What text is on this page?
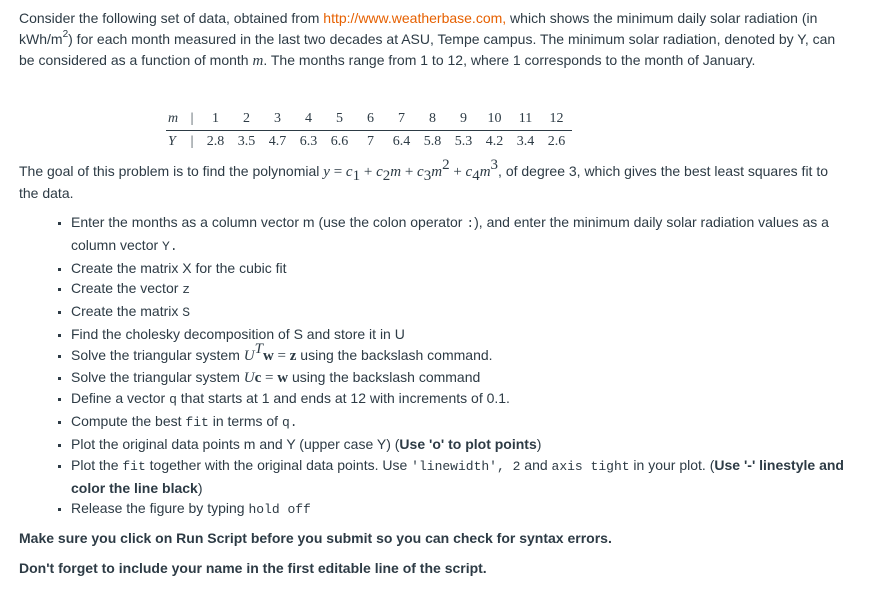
Consider the following set of data, obtained from http://www.weatherbase.com, which shows the minimum daily solar radiation (in kWh/$m^2$) for each month measured in the last two decades at ASU, Tempe campus. The minimum solar radiation, denoted by Y, can be considered as a function of month m. The months range from 1 to 12, where 1 corresponds to the month of January.

m	|	1	2	3	4	5	6	7	8	9	10	11	12
Y	|	2.8	3.5	4.7	6.3	6.6	7	6.4	5.8	5.3	4.2	3.4	2.6

The goal of this problem is to find the polynomial $y = c_1 + c_2m + c_3m^2 + c_4m^3$, of degree 3, which gives the best least squares fit to the data.

▪ Enter the months as a column vector m (use the colon operator :), and enter the minimum daily solar radiation values as a column vector Y.
▪ Create the matrix X for the cubic fit
▪ Create the vector z
▪ Create the matrix S
▪ Find the cholesky decomposition of S and store it in U
▪ Solve the triangular system $U^Tw = z$ using the backslash command.
▪ Solve the triangular system Uc = w using the backslash command
▪ Define a vector q that starts at 1 and ends at 12 with increments of 0.1.
▪ Compute the best fit in terms of q.
▪ Plot the original data points m and Y (upper case Y) (Use 'o' to plot points)
▪ Plot the fit together with the original data points. Use 'linewidth', 2 and axis tight in your plot. (Use '-' linestyle and color the line black)
▪ Release the figure by typing hold off

Make sure you click on Run Script before you submit so you can check for syntax errors.

Don't forget to include your name in the first editable line of the script.
